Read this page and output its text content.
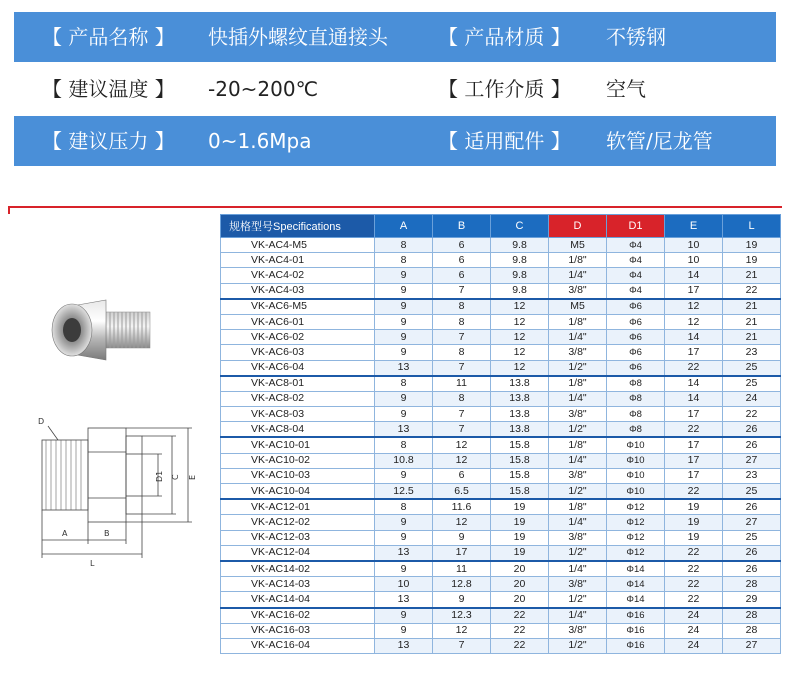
【 产品名称 】 快插外螺纹直通接头	【 产品材质 】 不锈钢
【 建议温度 】 -20~200℃	【 工作介质 】 空气
【 建议压力 】 0~1.6Mpa	【 适用配件 】 软管/尼龙管
D
A	B
L
D1 C E
规格型号Specifications	A	B	C	D	D1	E	L
VK-AC4-M5	8	6	9.8	M5	Φ4	10	19
VK-AC4-01	8	6	9.8	1/8"	Φ4	10	19
VK-AC4-02	9	6	9.8	1/4"	Φ4	14	21
VK-AC4-03	9	7	9.8	3/8"	Φ4	17	22
VK-AC6-M5	9	8	12	M5	Φ6	12	21
VK-AC6-01	9	8	12	1/8"	Φ6	12	21
VK-AC6-02	9	7	12	1/4"	Φ6	14	21
VK-AC6-03	9	8	12	3/8"	Φ6	17	23
VK-AC6-04	13	7	12	1/2"	Φ6	22	25
VK-AC8-01	8	11	13.8	1/8"	Φ8	14	25
VK-AC8-02	9	8	13.8	1/4"	Φ8	14	24
VK-AC8-03	9	7	13.8	3/8"	Φ8	17	22
VK-AC8-04	13	7	13.8	1/2"	Φ8	22	26
VK-AC10-01	8	12	15.8	1/8"	Φ10	17	26
VK-AC10-02	10.8	12	15.8	1/4"	Φ10	17	27
VK-AC10-03	9	6	15.8	3/8"	Φ10	17	23
VK-AC10-04	12.5	6.5	15.8	1/2"	Φ10	22	25
VK-AC12-01	8	11.6	19	1/8"	Φ12	19	26
VK-AC12-02	9	12	19	1/4"	Φ12	19	27
VK-AC12-03	9	9	19	3/8"	Φ12	19	25
VK-AC12-04	13	17	19	1/2"	Φ12	22	26
VK-AC14-02	9	11	20	1/4"	Φ14	22	26
VK-AC14-03	10	12.8	20	3/8"	Φ14	22	28
VK-AC14-04	13	9	20	1/2"	Φ14	22	29
VK-AC16-02	9	12.3	22	1/4"	Φ16	24	28
VK-AC16-03	9	12	22	3/8"	Φ16	24	28
VK-AC16-04	13	7	22	1/2"	Φ16	24	27
